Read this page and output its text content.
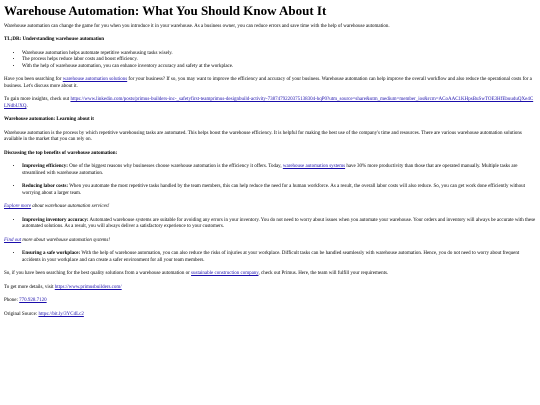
Warehouse Automation: What You Should Know About It

Warehouse automation can change the game for you when you introduce it in your warehouse. As a business owner, you can reduce errors and save time with the help of warehouse automation.

TL;DR: Understanding warehouse automation

• Warehouse automation helps automate repetitive warehousing tasks wisely.
• The process helps reduce labor costs and boost efficiency.
• With the help of warehouse automation, you can enhance inventory accuracy and safety at the workplace.

Have you been searching for warehouse automation solutions for your business? If so, you may want to improve the efficiency and accuracy of your business. Warehouse automation can help improve the overall workflow and also reduce the operational costs for a business. Let's discuss more about it.

To gain more insights, check out https://www.linkedin.com/posts/primus-builders-inc-_safetyfirst-teamprimus-designbuild-activity-7387479220375138304-hqP0?utm_source=share&utm_medium=member_ios&rcm=ACoAAC1KHpsBuSwTOE3HfEbuuduQXe4CLNdbUXQ.

Warehouse automation: Learning about it

Warehouse automation is the process by which repetitive warehousing tasks are automated. This helps boost the warehouse efficiency. It is helpful for making the best use of the company's time and resources. There are various warehouse automation solutions available in the market that you can rely on.

Discussing the top benefits of warehouse automation:

• Improving efficiency: One of the biggest reasons why businesses choose warehouse automation is the efficiency it offers. Today, warehouse automation systems have 30% more productivity than those that are operated manually. Multiple tasks are streamlined with warehouse automation.
• Reducing labor costs: When you automate the most repetitive tasks handled by the team members, this can help reduce the need for a human workforce. As a result, the overall labor costs will also reduce. So, you can get work done efficiently without worrying about a larger team.

Explore more about warehouse automation services!

• Improving inventory accuracy: Automated warehouse systems are suitable for avoiding any errors in your inventory. You do not need to worry about issues when you automate your warehouse. Your orders and inventory will always be accurate with these automated solutions. As a result, you will always deliver a satisfactory experience to your customers.

Find out more about warehouse automation systems!

• Ensuring a safe workplace: With the help of warehouse automation, you can also reduce the risks of injuries at your workplace. Difficult tasks can be handled seamlessly with warehouse automation. Hence, you do not need to worry about frequent accidents in your workplace and can create a safer environment for all your team members.

So, if you have been searching for the best quality solutions from a warehouse automation or sustainable construction company, check out Primus. Here, the team will fulfill your requirements.

To get more details, visit https://www.primusbuilders.com/

Phone: 770.928.7120

Original Source: https://bit.ly/3YCdLc2
